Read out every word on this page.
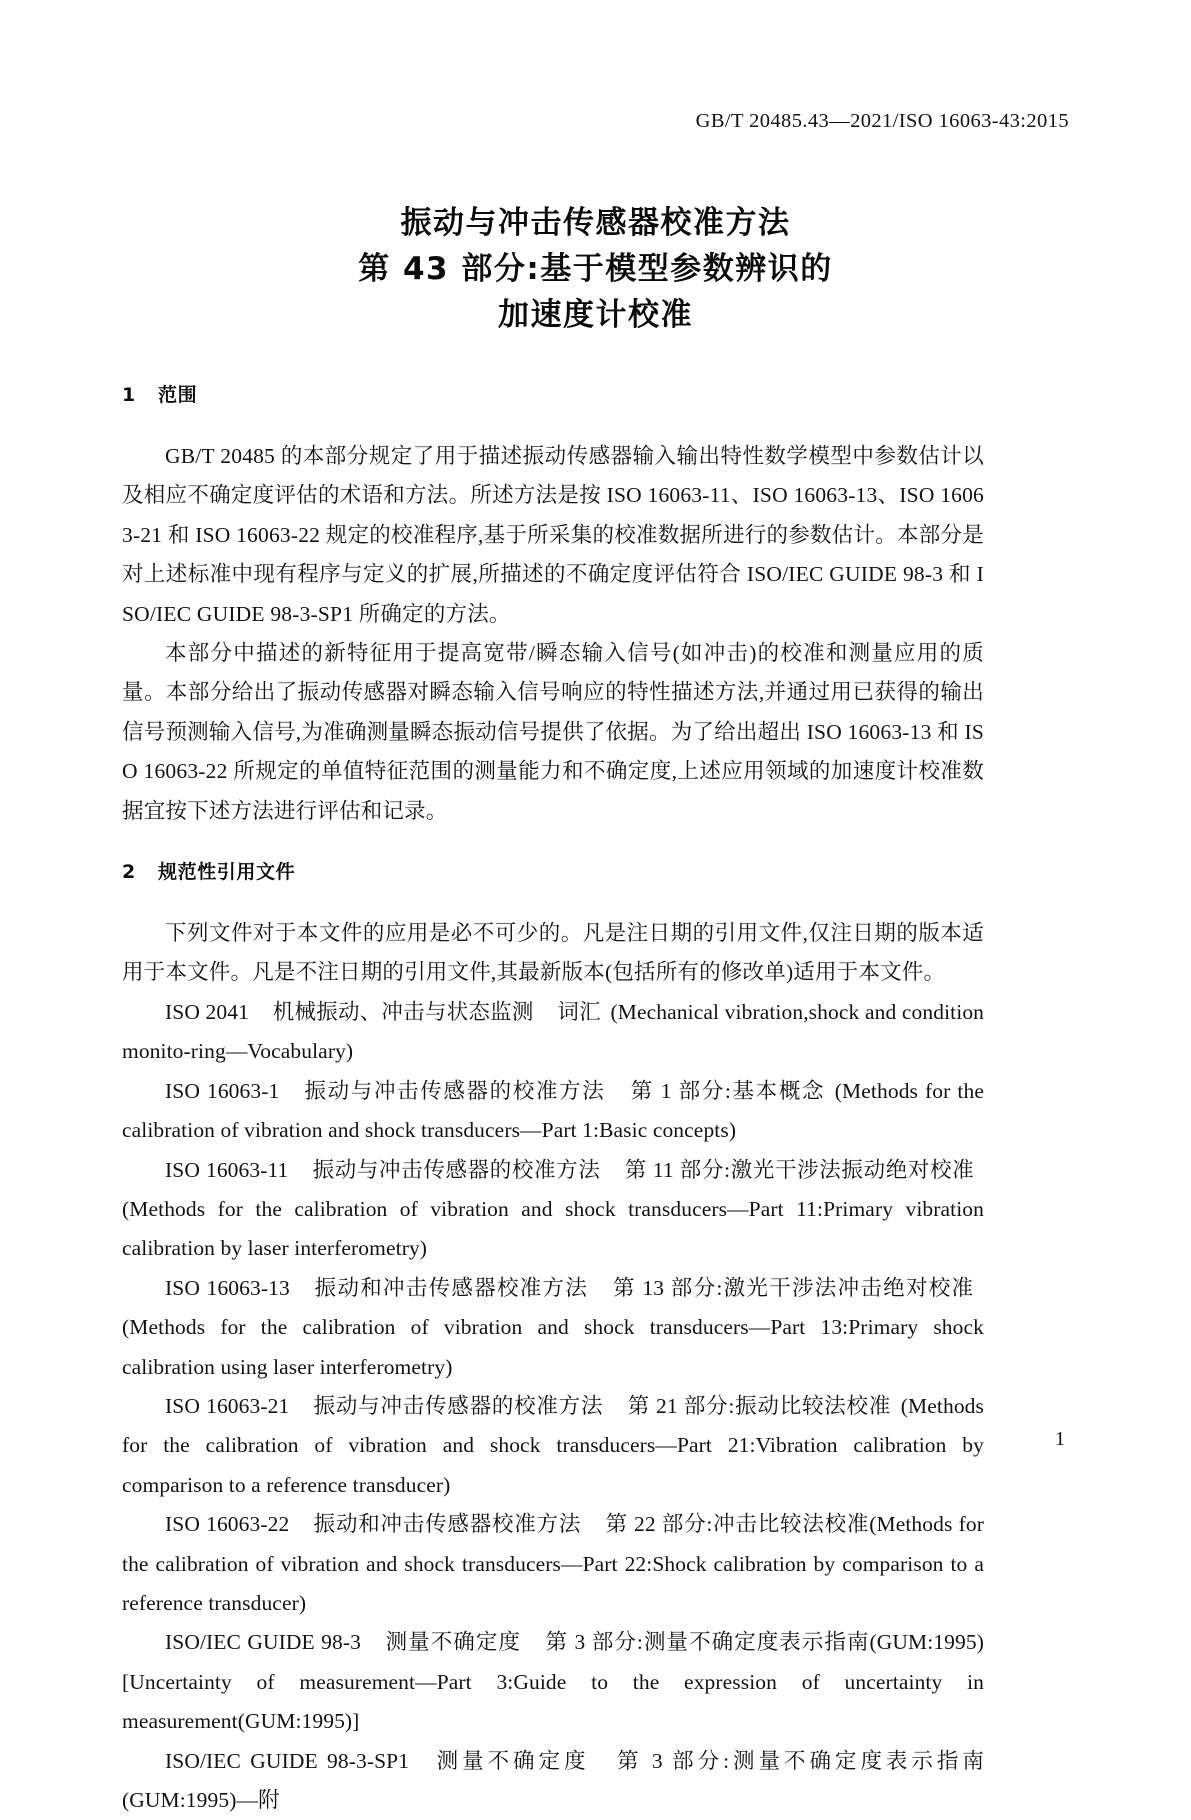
GB/T 20485.43—2021/ISO 16063-43:2015
振动与冲击传感器校准方法
第 43 部分:基于模型参数辨识的
加速度计校准
1 范围

GB/T 20485 的本部分规定了用于描述振动传感器输入输出特性数学模型中参数估计以及相应不确定度评估的术语和方法。所述方法是按 ISO 16063-11、ISO 16063-13、ISO 16063-21 和 ISO 16063-22 规定的校准程序,基于所采集的校准数据所进行的参数估计。本部分是对上述标准中现有程序与定义的扩展,所描述的不确定度评估符合 ISO/IEC GUIDE 98-3 和 ISO/IEC GUIDE 98-3-SP1 所确定的方法。

本部分中描述的新特征用于提高宽带/瞬态输入信号(如冲击)的校准和测量应用的质量。本部分给出了振动传感器对瞬态输入信号响应的特性描述方法,并通过用已获得的输出信号预测输入信号,为准确测量瞬态振动信号提供了依据。为了给出超出 ISO 16063-13 和 ISO 16063-22 所规定的单值特征范围的测量能力和不确定度,上述应用领域的加速度计校准数据宜按下述方法进行评估和记录。

2 规范性引用文件

下列文件对于本文件的应用是必不可少的。凡是注日期的引用文件,仅注日期的版本适用于本文件。凡是不注日期的引用文件,其最新版本(包括所有的修改单)适用于本文件。

ISO 2041 机械振动、冲击与状态监测 词汇 (Mechanical vibration,shock and condition monito-ring—Vocabulary)

ISO 16063-1 振动与冲击传感器的校准方法 第 1 部分:基本概念 (Methods for the calibration of vibration and shock transducers—Part 1:Basic concepts)

ISO 16063-11 振动与冲击传感器的校准方法 第 11 部分:激光干涉法振动绝对校准(Methods for the calibration of vibration and shock transducers—Part 11:Primary vibration calibration by laser interferometry)

ISO 16063-13 振动和冲击传感器校准方法 第 13 部分:激光干涉法冲击绝对校准(Methods for the calibration of vibration and shock transducers—Part 13:Primary shock calibration using laser interferometry)

ISO 16063-21 振动与冲击传感器的校准方法 第 21 部分:振动比较法校准 (Methods for the calibration of vibration and shock transducers—Part 21:Vibration calibration by comparison to a reference transducer)

ISO 16063-22 振动和冲击传感器校准方法 第 22 部分:冲击比较法校准(Methods for the calibration of vibration and shock transducers—Part 22:Shock calibration by comparison to a reference transducer)

ISO/IEC GUIDE 98-3 测量不确定度 第 3 部分:测量不确定度表示指南(GUM:1995)[Uncertainty of measurement—Part 3:Guide to the expression of uncertainty in measurement(GUM:1995)]

ISO/IEC GUIDE 98-3-SP1 测量不确定度 第 3 部分:测量不确定度表示指南(GUM:1995)—附

1
